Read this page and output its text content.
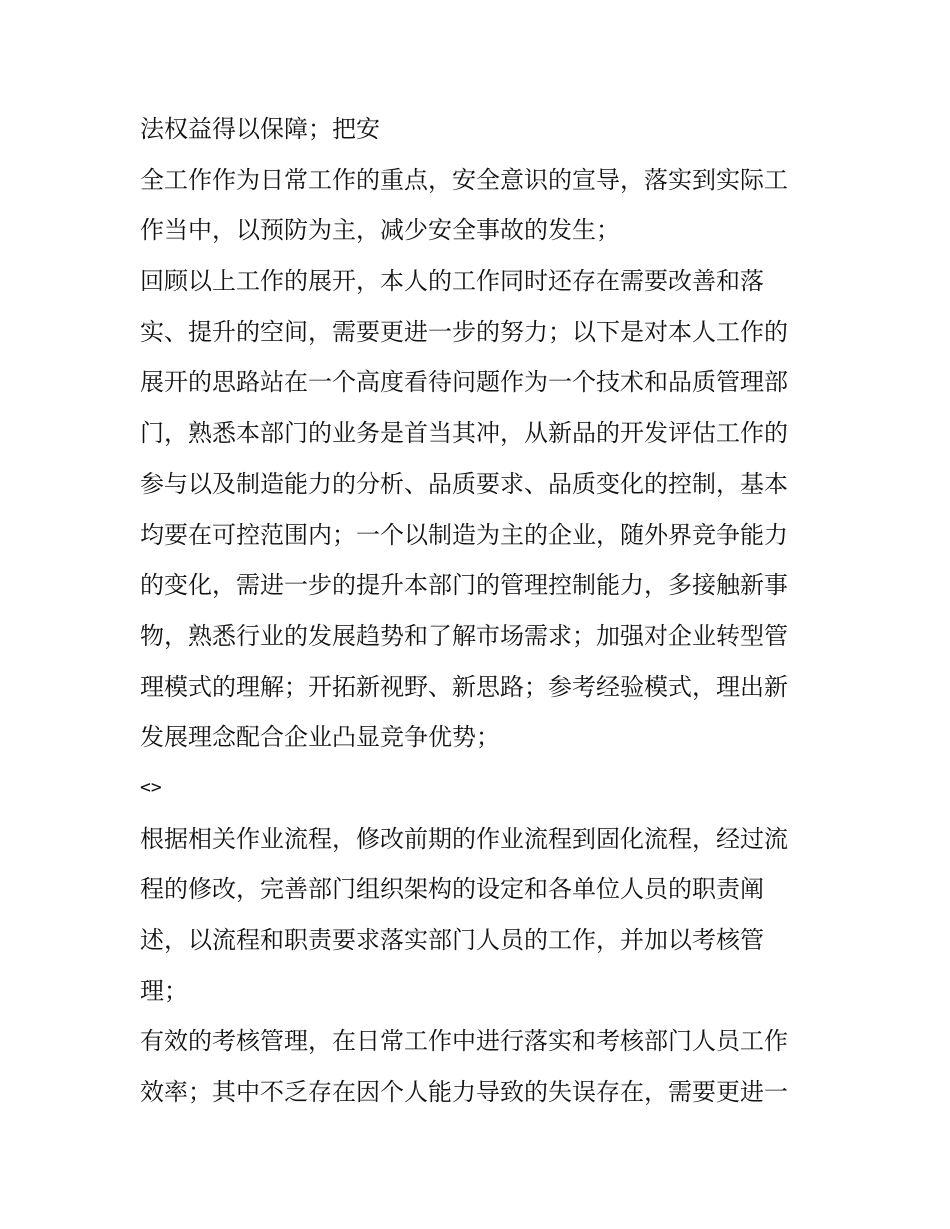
法权益得以保障；把安
全工作作为日常工作的重点，安全意识的宣导，落实到实际工
作当中，以预防为主，减少安全事故的发生；
回顾以上工作的展开，本人的工作同时还存在需要改善和落
实、提升的空间，需要更进一步的努力；以下是对本人工作的
展开的思路站在一个高度看待问题作为一个技术和品质管理部
门，熟悉本部门的业务是首当其冲，从新品的开发评估工作的
参与以及制造能力的分析、品质要求、品质变化的控制，基本
均要在可控范围内；一个以制造为主的企业，随外界竞争能力
的变化，需进一步的提升本部门的管理控制能力，多接触新事
物，熟悉行业的发展趋势和了解市场需求；加强对企业转型管
理模式的理解；开拓新视野、新思路；参考经验模式，理出新
发展理念配合企业凸显竞争优势；
<>
根据相关作业流程，修改前期的作业流程到固化流程，经过流
程的修改，完善部门组织架构的设定和各单位人员的职责阐
述，以流程和职责要求落实部门人员的工作，并加以考核管
理；
有效的考核管理，在日常工作中进行落实和考核部门人员工作
效率；其中不乏存在因个人能力导致的失误存在，需要更进一
